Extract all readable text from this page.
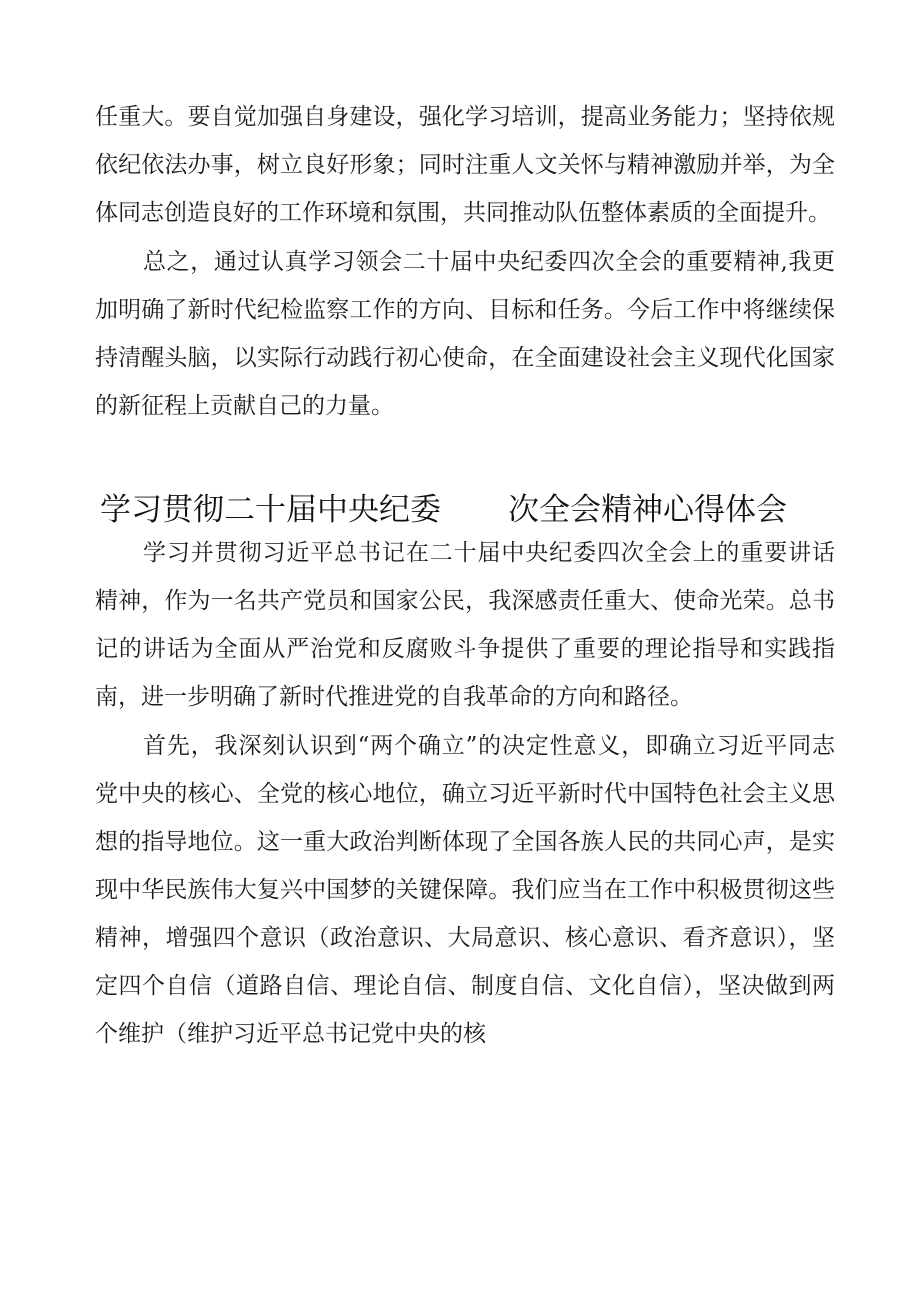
任重大。要自觉加强自身建设，强化学习培训，提高业务能力；坚持依规
依纪依法办事，树立良好形象；同时注重人文关怀与精神激励并举，为全
体同志创造良好的工作环境和氛围，共同推动队伍整体素质的全面提升。
总之，通过认真学习领会二十届中央纪委四次全会的重要精神,我更
加明确了新时代纪检监察工作的方向、目标和任务。今后工作中将继续保
持清醒头脑，以实际行动践行初心使命，在全面建设社会主义现代化国家
的新征程上贡献自己的力量。
学习贯彻二十届中央纪委 次全会精神心得体会
学习并贯彻习近平总书记在二十届中央纪委四次全会上的重要讲话
精神，作为一名共产党员和国家公民，我深感责任重大、使命光荣。总书
记的讲话为全面从严治党和反腐败斗争提供了重要的理论指导和实践指
南，进一步明确了新时代推进党的自我革命的方向和路径。
首先，我深刻认识到“两个确立”的决定性意义，即确立习近平同志
党中央的核心、全党的核心地位，确立习近平新时代中国特色社会主义思
想的指导地位。这一重大政治判断体现了全国各族人民的共同心声，是实
现中华民族伟大复兴中国梦的关键保障。我们应当在工作中积极贯彻这些
精神，增强四个意识（政治意识、大局意识、核心意识、看齐意识），坚
定四个自信（道路自信、理论自信、制度自信、文化自信），坚决做到两
个维护（维护习近平总书记党中央的核
